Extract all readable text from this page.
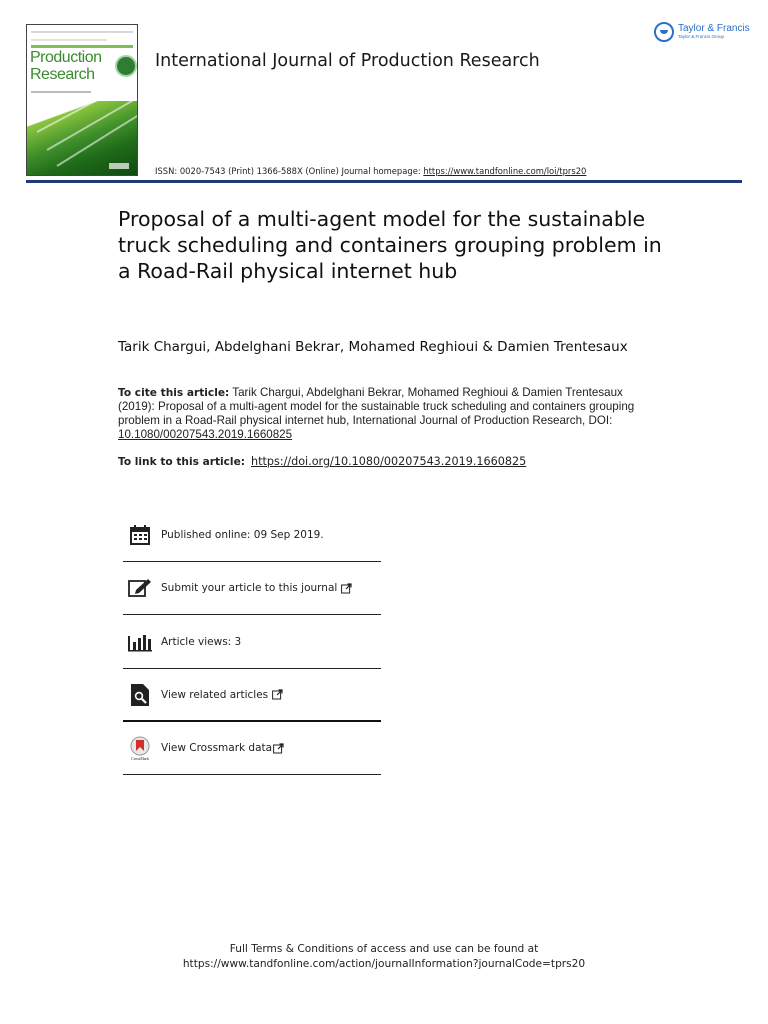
Production
Research
International Journal of Production Research
Taylor & Francis
Taylor & Francis Group
ISSN: 0020-7543 (Print) 1366-588X (Online) Journal homepage: https://www.tandfonline.com/loi/tprs20
Proposal of a multi-agent model for the sustainable truck scheduling and containers grouping problem in a Road-Rail physical internet hub
Tarik Chargui, Abdelghani Bekrar, Mohamed Reghioui & Damien Trentesaux
To cite this article: Tarik Chargui, Abdelghani Bekrar, Mohamed Reghioui & Damien Trentesaux (2019): Proposal of a multi-agent model for the sustainable truck scheduling and containers grouping problem in a Road-Rail physical internet hub, International Journal of Production Research, DOI: 10.1080/00207543.2019.1660825
To link to this article: https://doi.org/10.1080/00207543.2019.1660825
Published online: 09 Sep 2019.
Submit your article to this journal
Article views: 3
View related articles
CrossMark
View Crossmark data
Full Terms & Conditions of access and use can be found at
https://www.tandfonline.com/action/journalInformation?journalCode=tprs20
